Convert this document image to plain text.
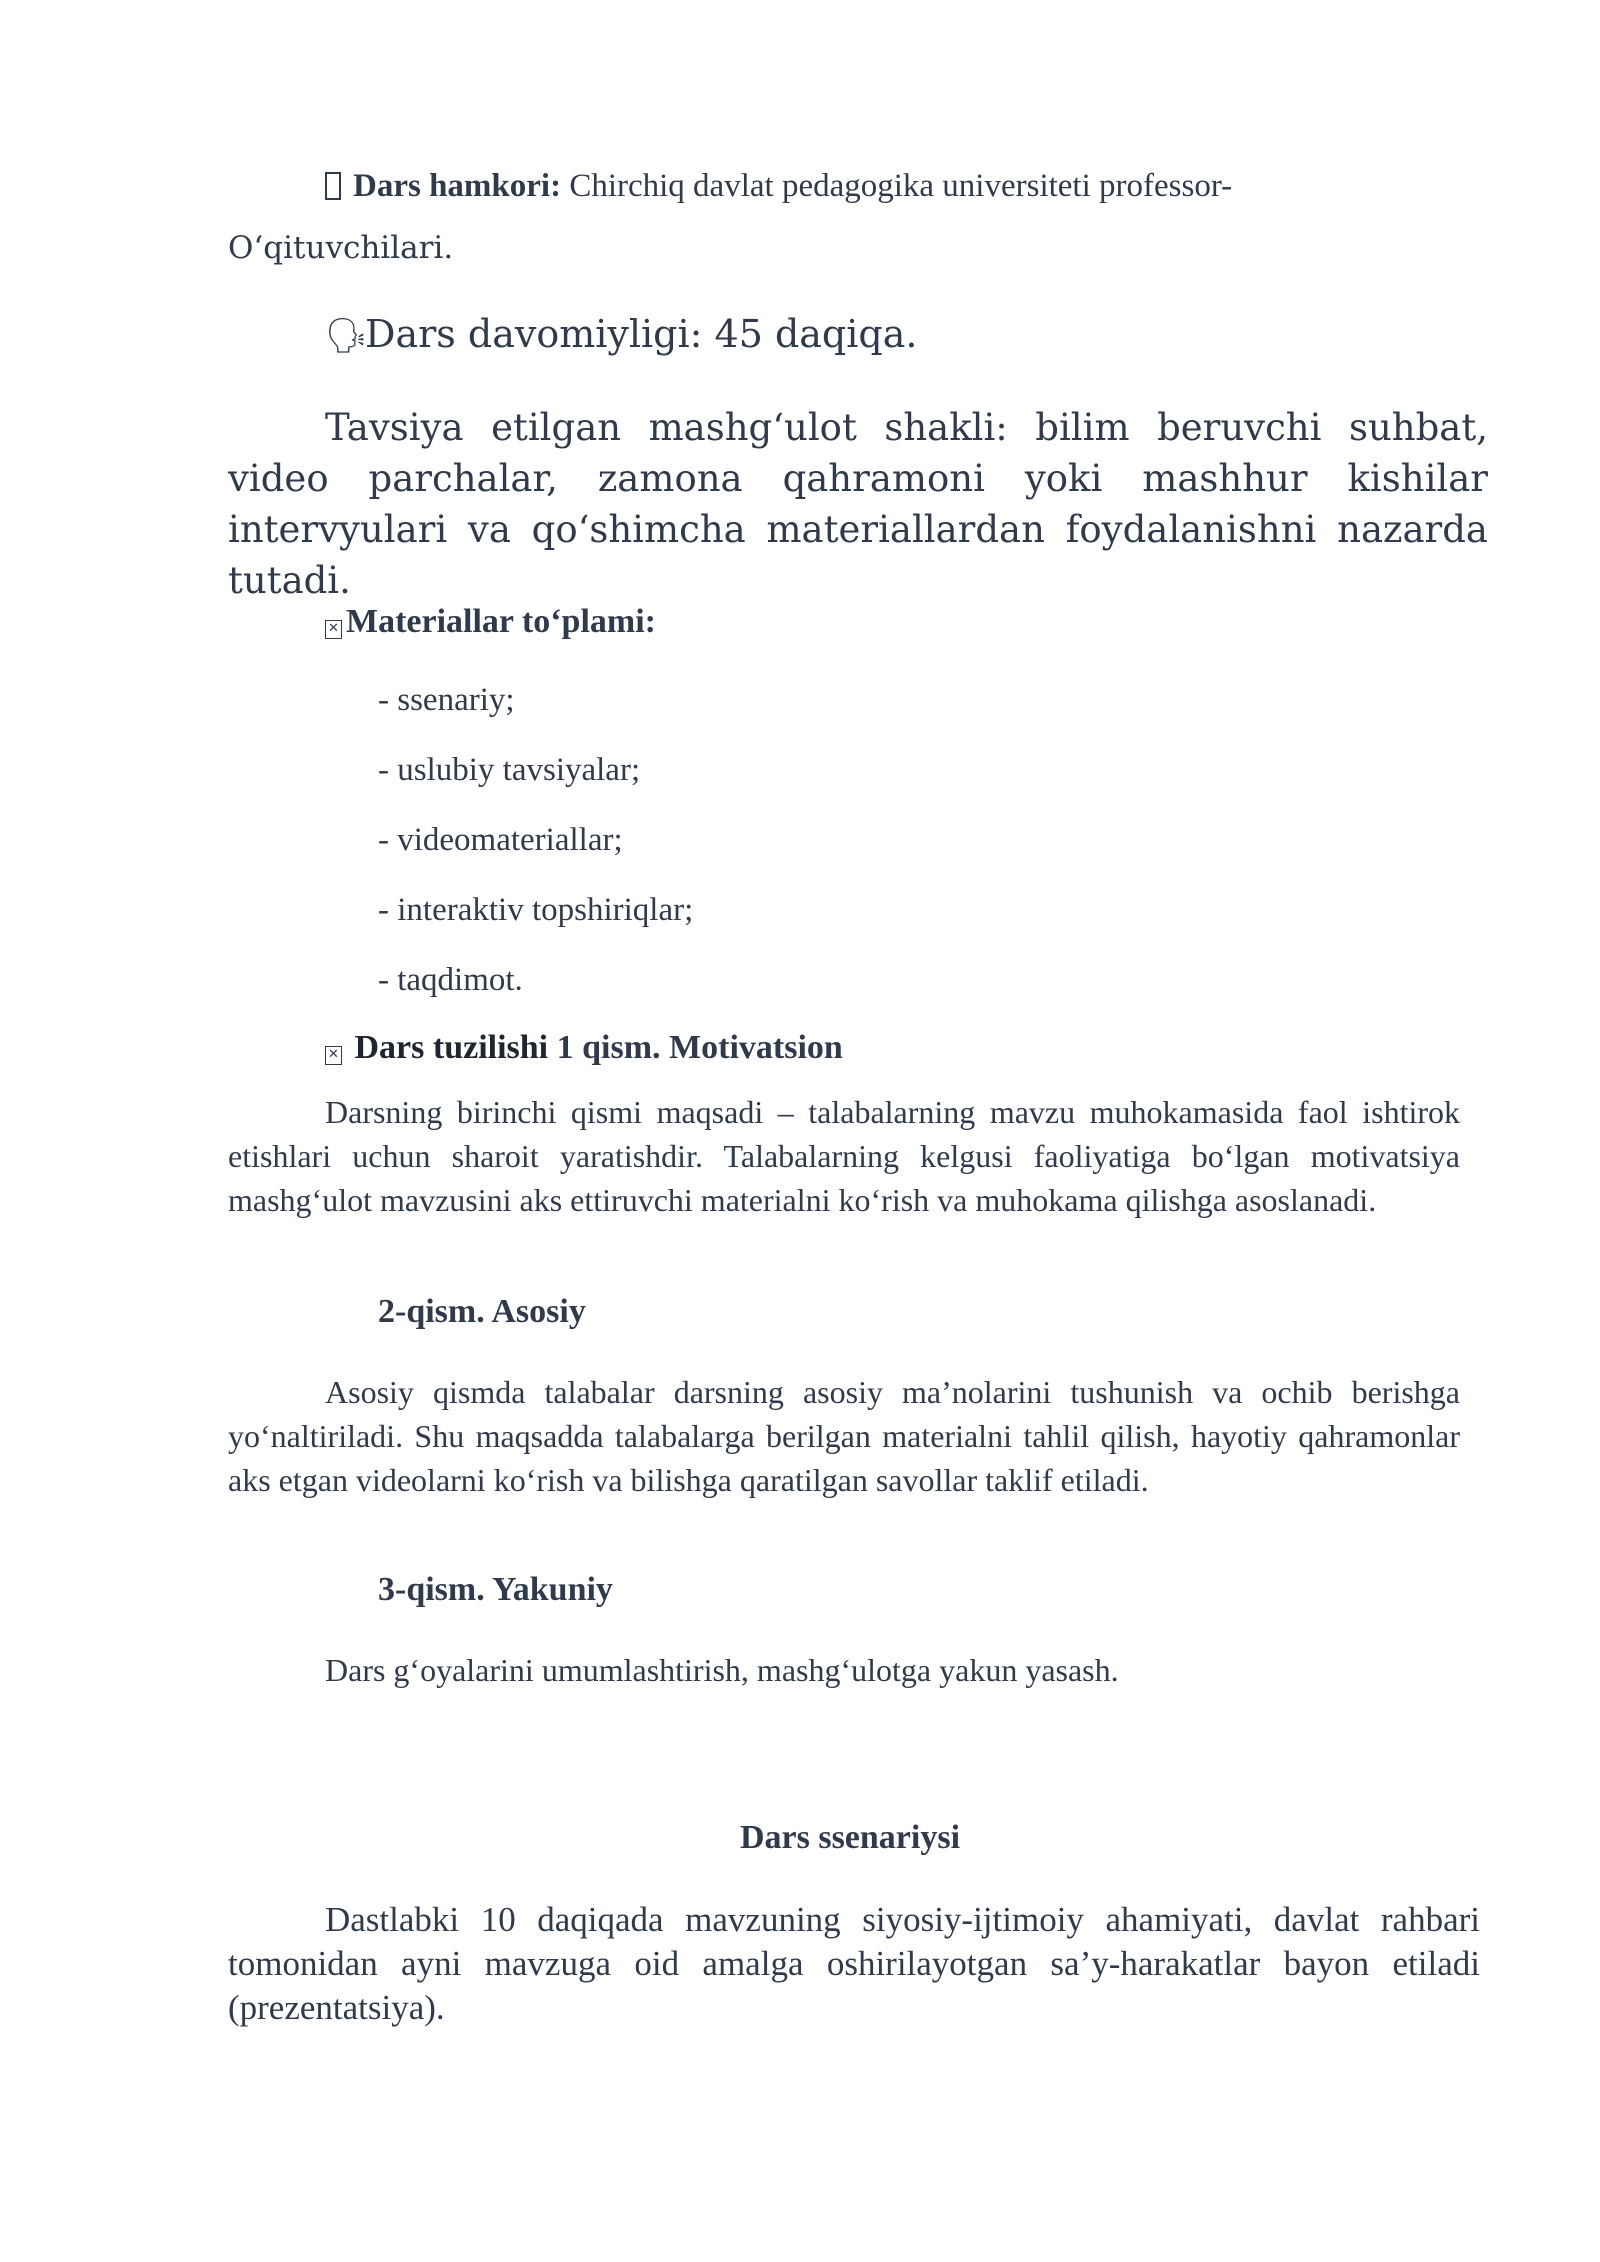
Dars hamkori: Chirchiq davlat pedagogika universiteti professor-

O‘qituvchilari.

🗣Dars davomiyligi: 45 daqiqa.

Tavsiya etilgan mashg‘ulot shakli: bilim beruvchi suhbat, video parchalar, zamona qahramoni yoki mashhur kishilar intervyulari va qo‘shimcha materiallardan foydalanishni nazarda tutadi.

✕ Materiallar to‘plami:

- ssenariy;
- uslubiy tavsiyalar;
- videomateriallar;
- interaktiv topshiriqlar;
- taqdimot.

✕ Dars tuzilishi 1 qism. Motivatsion

Darsning birinchi qismi maqsadi – talabalarning mavzu muhokamasida faol ishtirok etishlari uchun sharoit yaratishdir. Talabalarning kelgusi faoliyatiga bo‘lgan motivatsiya mashg‘ulot mavzusini aks ettiruvchi materialni ko‘rish va muhokama qilishga asoslanadi.

2-qism. Asosiy

Asosiy qismda talabalar darsning asosiy ma’nolarini tushunish va ochib berishga yo‘naltiriladi. Shu maqsadda talabalarga berilgan materialni tahlil qilish, hayotiy qahramonlar aks etgan videolarni ko‘rish va bilishga qaratilgan savollar taklif etiladi.

3-qism. Yakuniy

Dars g‘oyalarini umumlashtirish, mashg‘ulotga yakun yasash.

Dars ssenariysi

Dastlabki 10 daqiqada mavzuning siyosiy-ijtimoiy ahamiyati, davlat rahbari tomonidan ayni mavzuga oid amalga oshirilayotgan sa’y-harakatlar bayon etiladi (prezentatsiya).
